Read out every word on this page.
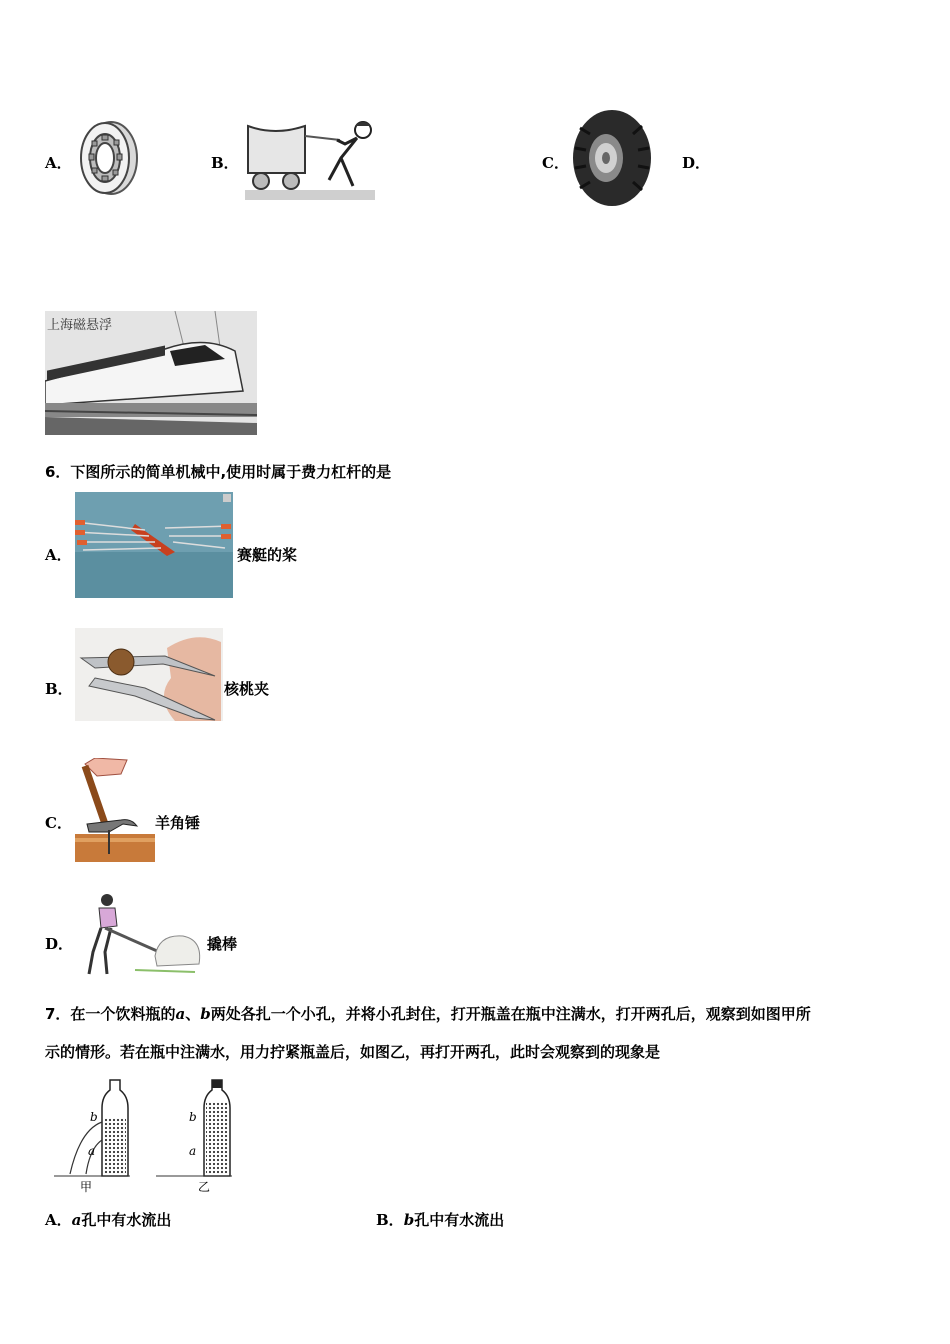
A．	B．	C．	D．
上海磁悬浮
6．下图所示的简单机械中,使用时属于费力杠杆的是
A．	赛艇的桨
B．	核桃夹
C．	羊角锤
D．	撬棒
7．在一个饮料瓶的a、b两处各扎一个小孔，并将小孔封住，打开瓶盖在瓶中注满水，打开两孔后，观察到如图甲所
示的情形。若在瓶中注满水，用力拧紧瓶盖后，如图乙，再打开两孔，此时会观察到的现象是
b
a
甲
b
a
乙
A．a孔中有水流出	B．b孔中有水流出
